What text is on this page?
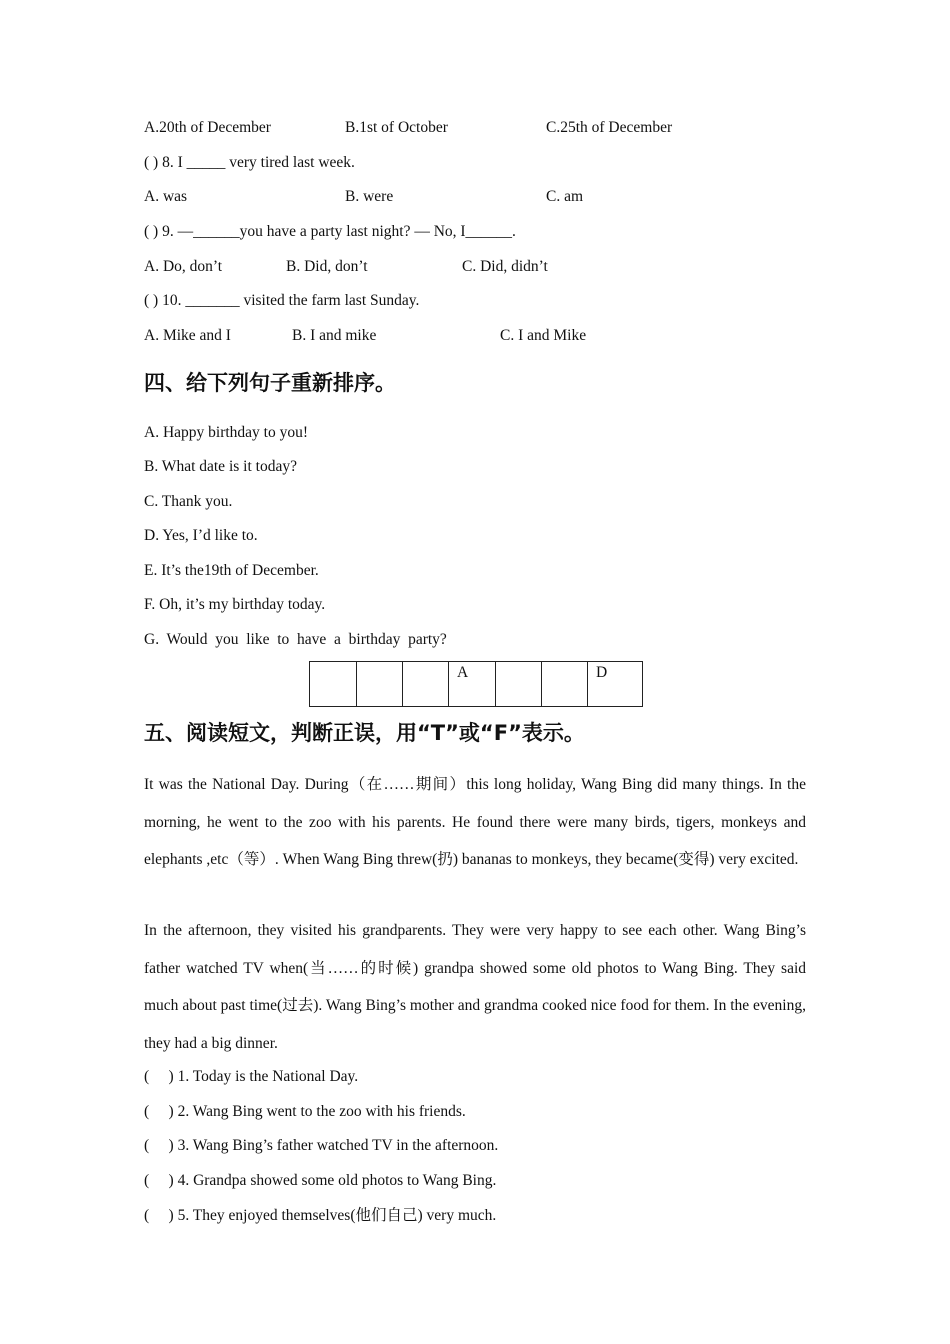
A.20th of December	B.1st of October	C.25th of December
( ) 8. I _____ very tired last week.
A. was	B. were	C. am
( ) 9. —______you have a party last night? — No, I______.
A. Do, don’t	B. Did, don’t	C. Did, didn’t
( ) 10. _______ visited the farm last Sunday.
A. Mike and I	B. I and mike	C. I and Mike
四、给下列句子重新排序。
A. Happy birthday to you!
B. What date is it today?
C. Thank you.
D. Yes, I’d like to.
E. It’s the19th of December.
F. Oh, it’s my birthday today.
G.  Would  you  like  to  have  a  birthday  party?
			A			D
五、阅读短文，判断正误，用“T”或“F”表示。
It was the National Day. During（在……期间）this long holiday, Wang Bing did many things. In the morning, he went to the zoo with his parents. He found there were many birds, tigers, monkeys and elephants ,etc（等）. When Wang Bing threw(扔) bananas to monkeys, they became(变得) very excited.
In the afternoon, they visited his grandparents. They were very happy to see each other. Wang Bing’s father watched TV when(当……的时候) grandpa showed some old photos to Wang Bing. They said much about past time(过去). Wang Bing’s mother and grandma cooked nice food for them. In the evening, they had a big dinner.
(     ) 1. Today is the National Day.
(     ) 2. Wang Bing went to the zoo with his friends.
(     ) 3. Wang Bing’s father watched TV in the afternoon.
(     ) 4. Grandpa showed some old photos to Wang Bing.
(     ) 5. They enjoyed themselves(他们自己) very much.
